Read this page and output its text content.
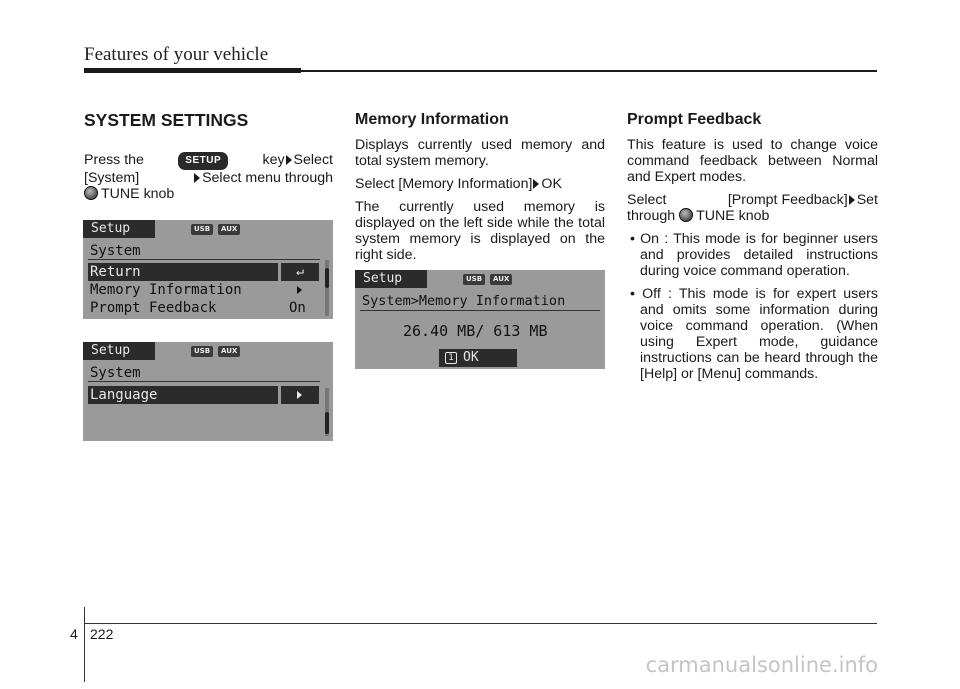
Features of your vehicle
SYSTEM SETTINGS

Press the	SETUP	key Select
[System]	Select menu through
TUNE knob

Setup	USB	AUX
System
Return	↵
Memory Information
Prompt Feedback	On
Setup	USB	AUX
System
Language
Memory Information

Displays currently used memory and total system memory.

Select [Memory Information] OK

The currently used memory is displayed on the left side while the total system memory is displayed on the right side.

Setup	USB	AUX
System>Memory Information
26.40 MB/ 613 MB
1 OK
Prompt Feedback

This feature is used to change voice command feedback between Normal and Expert modes.

Select	[Prompt Feedback] Set
through TUNE knob

• On : This mode is for beginner users and provides detailed instructions during voice command operation.
• Off : This mode is for expert users and omits some information during voice command operation. (When using Expert mode, guidance instructions can be heard through the [Help] or [Menu] commands.
4 222
carmanualsonline.info
